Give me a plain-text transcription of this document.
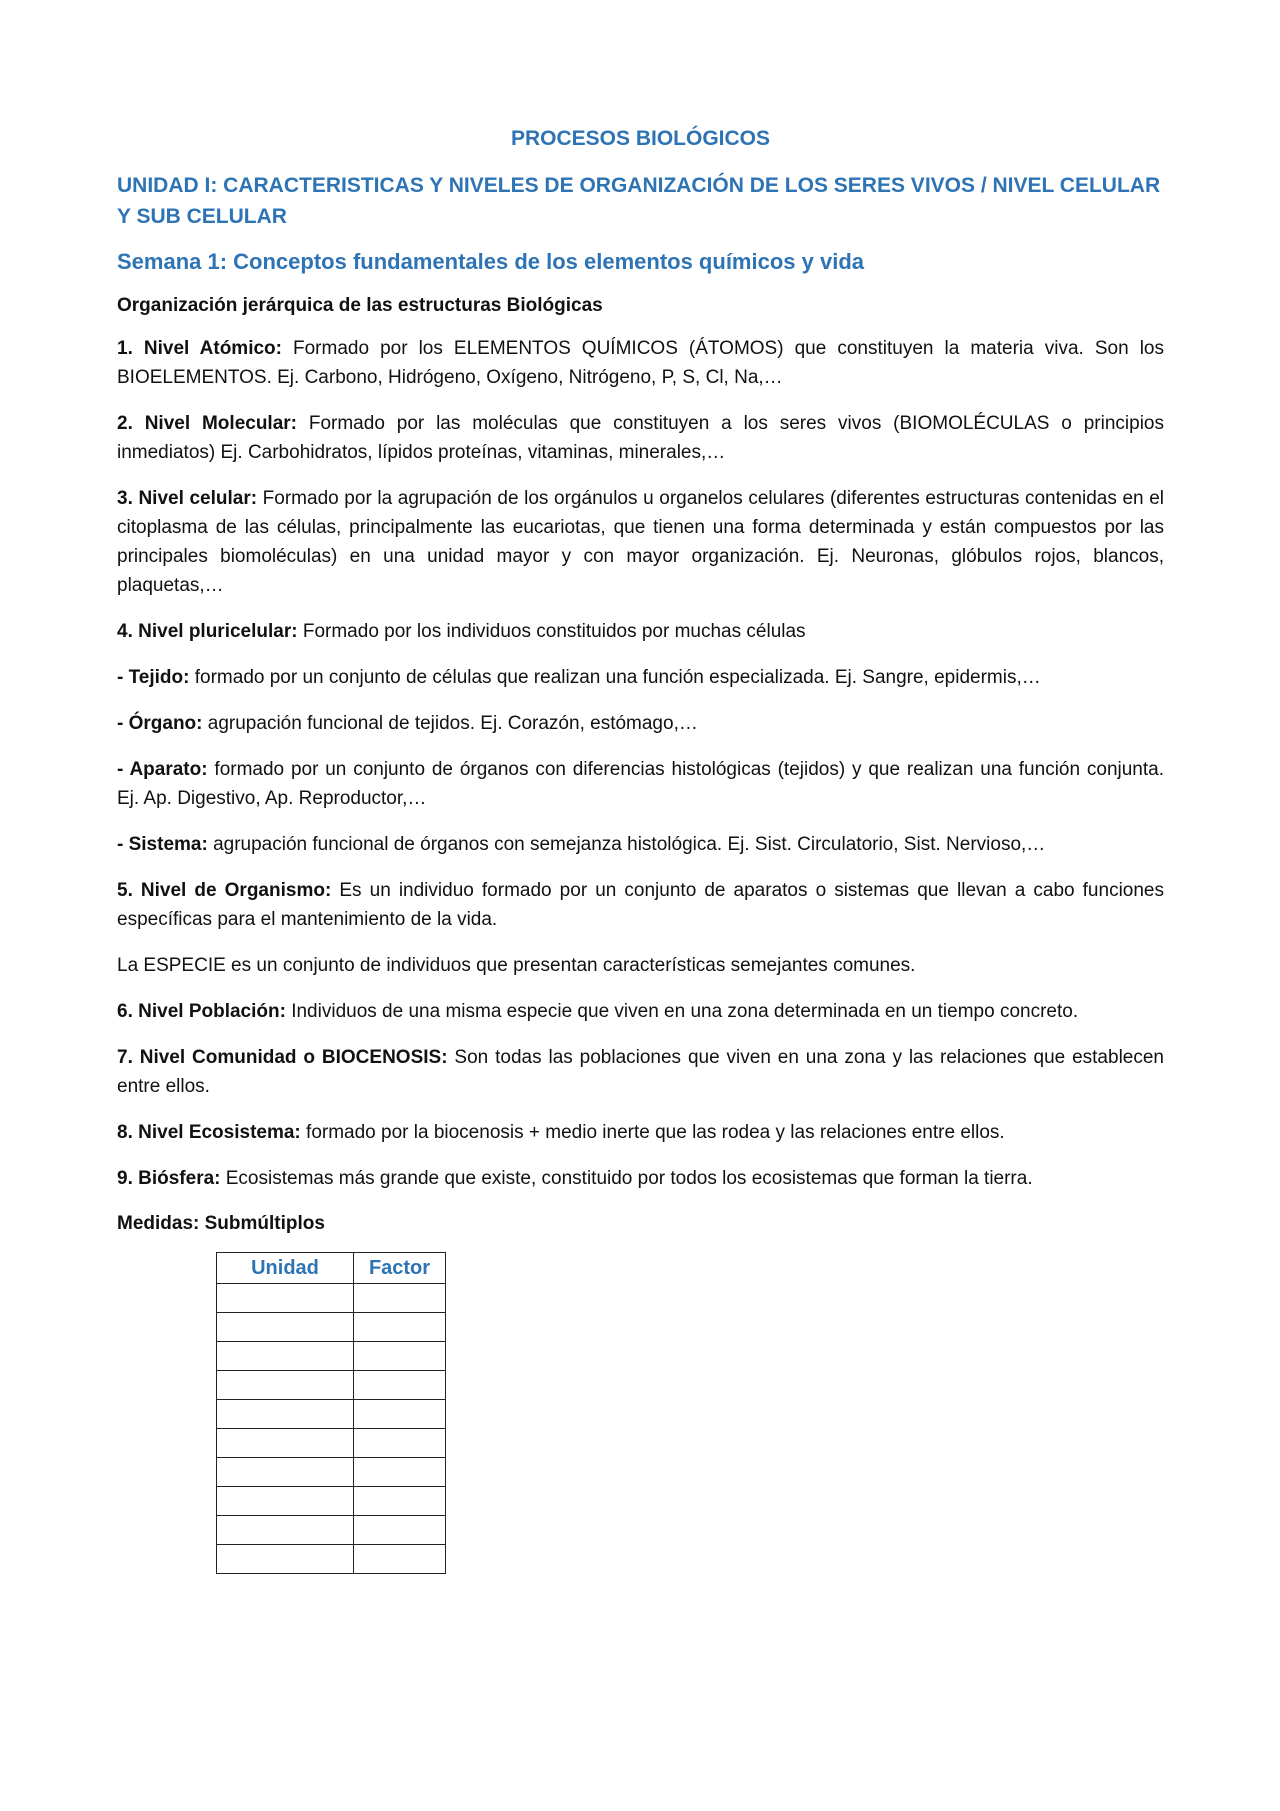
PROCESOS BIOLÓGICOS
UNIDAD I: CARACTERISTICAS Y NIVELES DE ORGANIZACIÓN DE LOS SERES VIVOS / NIVEL CELULAR Y SUB CELULAR
Semana 1: Conceptos fundamentales de los elementos químicos y vida
Organización jerárquica de las estructuras Biológicas

1. Nivel Atómico: Formado por los ELEMENTOS QUÍMICOS (ÁTOMOS) que constituyen la materia viva. Son los BIOELEMENTOS. Ej. Carbono, Hidrógeno, Oxígeno, Nitrógeno, P, S, Cl, Na,…

2. Nivel Molecular: Formado por las moléculas que constituyen a los seres vivos (BIOMOLÉCULAS o principios inmediatos) Ej. Carbohidratos, lípidos proteínas, vitaminas, minerales,…

3. Nivel celular: Formado por la agrupación de los orgánulos u organelos celulares (diferentes estructuras contenidas en el citoplasma de las células, principalmente las eucariotas, que tienen una forma determinada y están compuestos por las principales biomoléculas) en una unidad mayor y con mayor organización. Ej. Neuronas, glóbulos rojos, blancos, plaquetas,…

4. Nivel pluricelular: Formado por los individuos constituidos por muchas células

- Tejido: formado por un conjunto de células que realizan una función especializada. Ej. Sangre, epidermis,…

- Órgano: agrupación funcional de tejidos. Ej. Corazón, estómago,…

- Aparato: formado por un conjunto de órganos con diferencias histológicas (tejidos) y que realizan una función conjunta. Ej. Ap. Digestivo, Ap. Reproductor,…

- Sistema: agrupación funcional de órganos con semejanza histológica. Ej. Sist. Circulatorio, Sist. Nervioso,…

5. Nivel de Organismo: Es un individuo formado por un conjunto de aparatos o sistemas que llevan a cabo funciones específicas para el mantenimiento de la vida.

La ESPECIE es un conjunto de individuos que presentan características semejantes comunes.

6. Nivel Población: Individuos de una misma especie que viven en una zona determinada en un tiempo concreto.

7. Nivel Comunidad o BIOCENOSIS: Son todas las poblaciones que viven en una zona y las relaciones que establecen entre ellos.

8. Nivel Ecosistema: formado por la biocenosis + medio inerte que las rodea y las relaciones entre ellos.

9. Biósfera: Ecosistemas más grande que existe, constituido por todos los ecosistemas que forman la tierra.

Medidas: Submúltiplos
Unidad	Factor
